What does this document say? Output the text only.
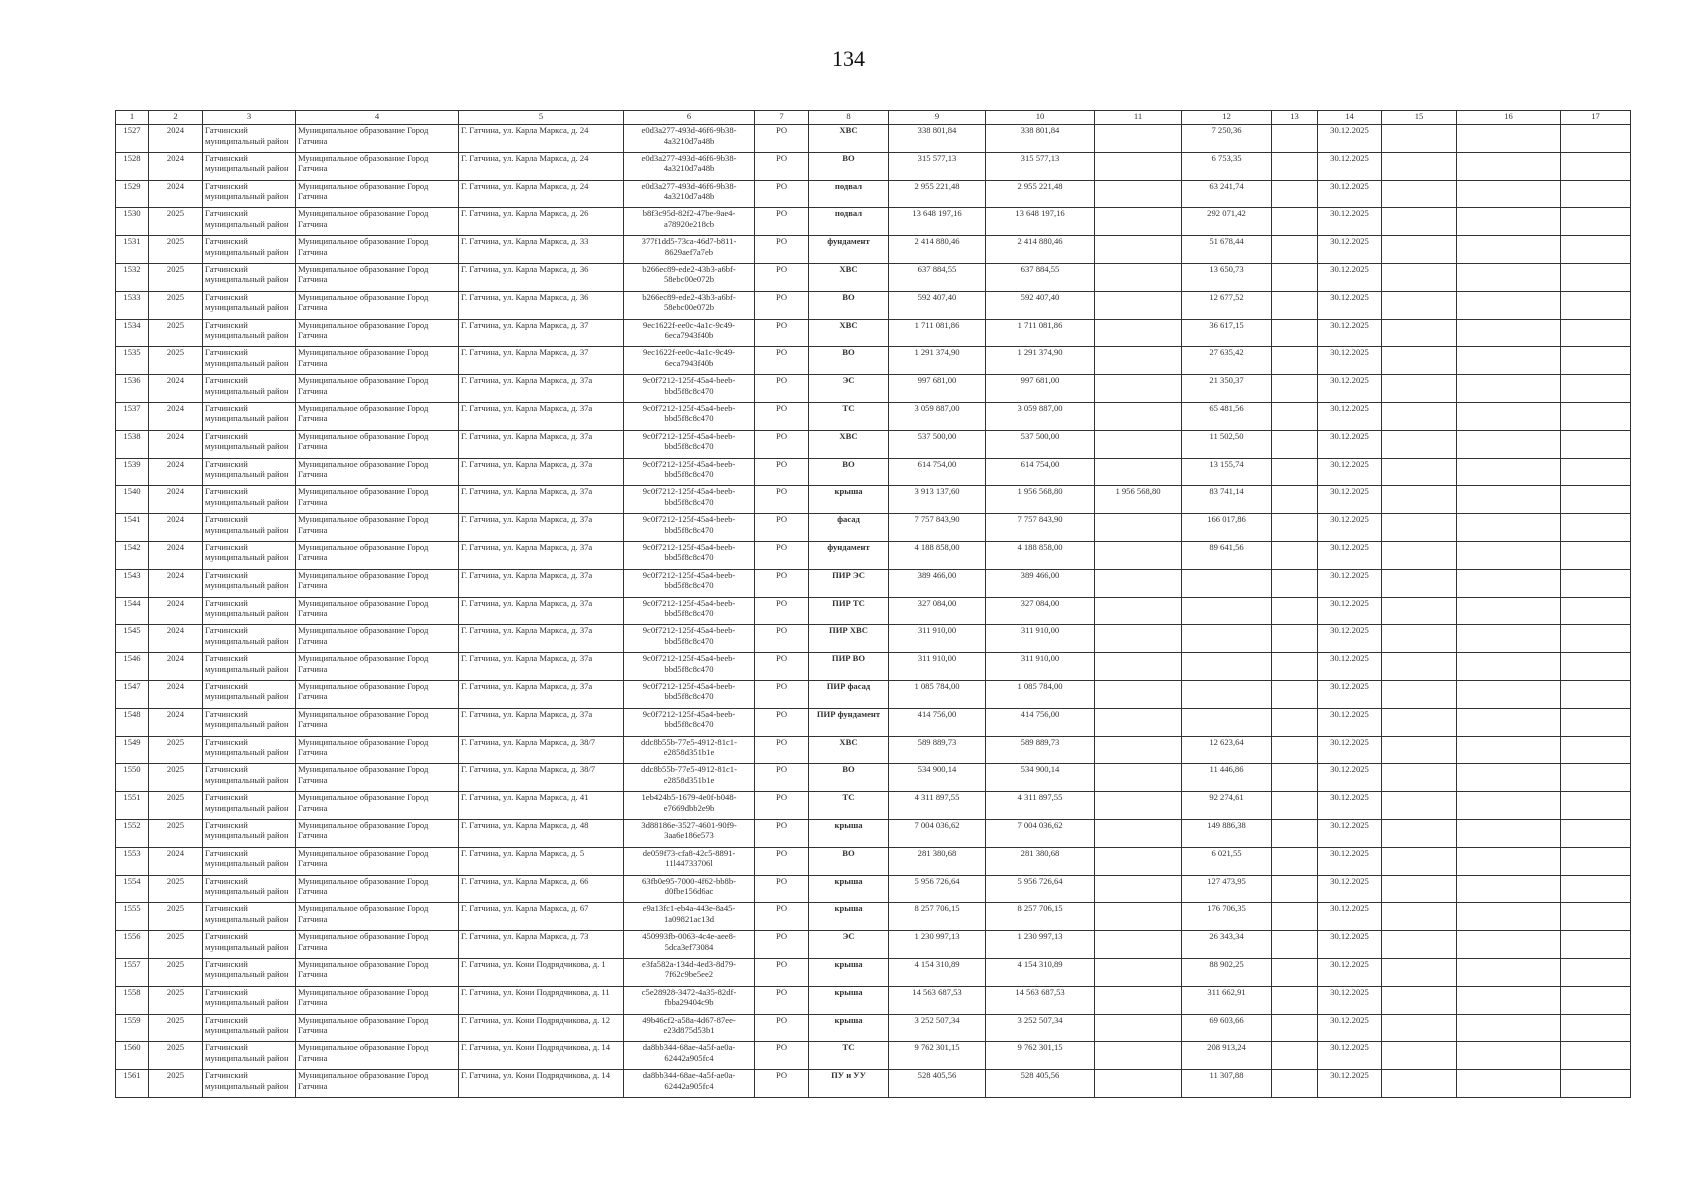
134
1	2	3	4	5	6	7	8	9	10	11	12	13	14	15	16	17
1527	2024	Гатчинский муниципальный район	Муниципальное образование Город Гатчина	Г. Гатчина, ул. Карла Маркса, д. 24	e0d3a277-493d-46f6-9b38-4a3210d7a48b	РО	ХВС	338 801,84	338 801,84		7 250,36		30.12.2025			
1528	2024	Гатчинский муниципальный район	Муниципальное образование Город Гатчина	Г. Гатчина, ул. Карла Маркса, д. 24	e0d3a277-493d-46f6-9b38-4a3210d7a48b	РО	ВО	315 577,13	315 577,13		6 753,35		30.12.2025			
1529	2024	Гатчинский муниципальный район	Муниципальное образование Город Гатчина	Г. Гатчина, ул. Карла Маркса, д. 24	e0d3a277-493d-46f6-9b38-4a3210d7a48b	РО	подвал	2 955 221,48	2 955 221,48		63 241,74		30.12.2025			
1530	2025	Гатчинский муниципальный район	Муниципальное образование Город Гатчина	Г. Гатчина, ул. Карла Маркса, д. 26	b8f3c95d-82f2-47be-9ae4-a78920e218cb	РО	подвал	13 648 197,16	13 648 197,16		292 071,42		30.12.2025			
1531	2025	Гатчинский муниципальный район	Муниципальное образование Город Гатчина	Г. Гатчина, ул. Карла Маркса, д. 33	377f1dd5-73ca-46d7-b811-8629aef7a7eb	РО	фундамент	2 414 880,46	2 414 880,46		51 678,44		30.12.2025			
1532	2025	Гатчинский муниципальный район	Муниципальное образование Город Гатчина	Г. Гатчина, ул. Карла Маркса, д. 36	b266ec89-ede2-43b3-a6bf-58ebc00e072b	РО	ХВС	637 884,55	637 884,55		13 650,73		30.12.2025			
1533	2025	Гатчинский муниципальный район	Муниципальное образование Город Гатчина	Г. Гатчина, ул. Карла Маркса, д. 36	b266ec89-ede2-43b3-a6bf-58ebc00e072b	РО	ВО	592 407,40	592 407,40		12 677,52		30.12.2025			
1534	2025	Гатчинский муниципальный район	Муниципальное образование Город Гатчина	Г. Гатчина, ул. Карла Маркса, д. 37	9ec1622f-ee0c-4a1c-9c49-6eca7943f40b	РО	ХВС	1 711 081,86	1 711 081,86		36 617,15		30.12.2025			
1535	2025	Гатчинский муниципальный район	Муниципальное образование Город Гатчина	Г. Гатчина, ул. Карла Маркса, д. 37	9ec1622f-ee0c-4a1c-9c49-6eca7943f40b	РО	ВО	1 291 374,90	1 291 374,90		27 635,42		30.12.2025			
1536	2024	Гатчинский муниципальный район	Муниципальное образование Город Гатчина	Г. Гатчина, ул. Карла Маркса, д. 37а	9c0f7212-125f-45a4-beeb-bbd5f8c8c470	РО	ЭС	997 681,00	997 681,00		21 350,37		30.12.2025			
1537	2024	Гатчинский муниципальный район	Муниципальное образование Город Гатчина	Г. Гатчина, ул. Карла Маркса, д. 37а	9c0f7212-125f-45a4-beeb-bbd5f8c8c470	РО	ТС	3 059 887,00	3 059 887,00		65 481,56		30.12.2025			
1538	2024	Гатчинский муниципальный район	Муниципальное образование Город Гатчина	Г. Гатчина, ул. Карла Маркса, д. 37а	9c0f7212-125f-45a4-beeb-bbd5f8c8c470	РО	ХВС	537 500,00	537 500,00		11 502,50		30.12.2025			
1539	2024	Гатчинский муниципальный район	Муниципальное образование Город Гатчина	Г. Гатчина, ул. Карла Маркса, д. 37а	9c0f7212-125f-45a4-beeb-bbd5f8c8c470	РО	ВО	614 754,00	614 754,00		13 155,74		30.12.2025			
1540	2024	Гатчинский муниципальный район	Муниципальное образование Город Гатчина	Г. Гатчина, ул. Карла Маркса, д. 37а	9c0f7212-125f-45a4-beeb-bbd5f8c8c470	РО	крыша	3 913 137,60	1 956 568,80	1 956 568,80	83 741,14		30.12.2025			
1541	2024	Гатчинский муниципальный район	Муниципальное образование Город Гатчина	Г. Гатчина, ул. Карла Маркса, д. 37а	9c0f7212-125f-45a4-beeb-bbd5f8c8c470	РО	фасад	7 757 843,90	7 757 843,90		166 017,86		30.12.2025			
1542	2024	Гатчинский муниципальный район	Муниципальное образование Город Гатчина	Г. Гатчина, ул. Карла Маркса, д. 37а	9c0f7212-125f-45a4-beeb-bbd5f8c8c470	РО	фундамент	4 188 858,00	4 188 858,00		89 641,56		30.12.2025			
1543	2024	Гатчинский муниципальный район	Муниципальное образование Город Гатчина	Г. Гатчина, ул. Карла Маркса, д. 37а	9c0f7212-125f-45a4-beeb-bbd5f8c8c470	РО	ПИР ЭС	389 466,00	389 466,00				30.12.2025			
1544	2024	Гатчинский муниципальный район	Муниципальное образование Город Гатчина	Г. Гатчина, ул. Карла Маркса, д. 37а	9c0f7212-125f-45a4-beeb-bbd5f8c8c470	РО	ПИР ТС	327 084,00	327 084,00				30.12.2025			
1545	2024	Гатчинский муниципальный район	Муниципальное образование Город Гатчина	Г. Гатчина, ул. Карла Маркса, д. 37а	9c0f7212-125f-45a4-beeb-bbd5f8c8c470	РО	ПИР ХВС	311 910,00	311 910,00				30.12.2025			
1546	2024	Гатчинский муниципальный район	Муниципальное образование Город Гатчина	Г. Гатчина, ул. Карла Маркса, д. 37а	9c0f7212-125f-45a4-beeb-bbd5f8c8c470	РО	ПИР ВО	311 910,00	311 910,00				30.12.2025			
1547	2024	Гатчинский муниципальный район	Муниципальное образование Город Гатчина	Г. Гатчина, ул. Карла Маркса, д. 37а	9c0f7212-125f-45a4-beeb-bbd5f8c8c470	РО	ПИР фасад	1 085 784,00	1 085 784,00				30.12.2025			
1548	2024	Гатчинский муниципальный район	Муниципальное образование Город Гатчина	Г. Гатчина, ул. Карла Маркса, д. 37а	9c0f7212-125f-45a4-beeb-bbd5f8c8c470	РО	ПИР фундамент	414 756,00	414 756,00				30.12.2025			
1549	2025	Гатчинский муниципальный район	Муниципальное образование Город Гатчина	Г. Гатчина, ул. Карла Маркса, д. 38/7	ddc8b55b-77e5-4912-81c1-e2858d351b1e	РО	ХВС	589 889,73	589 889,73		12 623,64		30.12.2025			
1550	2025	Гатчинский муниципальный район	Муниципальное образование Город Гатчина	Г. Гатчина, ул. Карла Маркса, д. 38/7	ddc8b55b-77e5-4912-81c1-e2858d351b1e	РО	ВО	534 900,14	534 900,14		11 446,86		30.12.2025			
1551	2025	Гатчинский муниципальный район	Муниципальное образование Город Гатчина	Г. Гатчина, ул. Карла Маркса, д. 41	1eb424b5-1679-4e0f-b048-e7669dbb2e9b	РО	ТС	4 311 897,55	4 311 897,55		92 274,61		30.12.2025			
1552	2025	Гатчинский муниципальный район	Муниципальное образование Город Гатчина	Г. Гатчина, ул. Карла Маркса, д. 48	3d88186e-3527-4601-90f9-3aa6e186e573	РО	крыша	7 004 036,62	7 004 036,62		149 886,38		30.12.2025			
1553	2024	Гатчинский муниципальный район	Муниципальное образование Город Гатчина	Г. Гатчина, ул. Карла Маркса, д. 5	de059f73-cfa8-42c5-8891-11l44733706l	РО	ВО	281 380,68	281 380,68		6 021,55		30.12.2025			
1554	2025	Гатчинский муниципальный район	Муниципальное образование Город Гатчина	Г. Гатчина, ул. Карла Маркса, д. 66	63fb0e95-7000-4f62-bb8b-d0fbe156d6ac	РО	крыша	5 956 726,64	5 956 726,64		127 473,95		30.12.2025			
1555	2025	Гатчинский муниципальный район	Муниципальное образование Город Гатчина	Г. Гатчина, ул. Карла Маркса, д. 67	e9a13fc1-eb4a-443e-8a45-1a09821ac13d	РО	крыша	8 257 706,15	8 257 706,15		176 706,35		30.12.2025			
1556	2025	Гатчинский муниципальный район	Муниципальное образование Город Гатчина	Г. Гатчина, ул. Карла Маркса, д. 73	450993fb-0063-4c4e-aee8-5dca3ef73084	РО	ЭС	1 230 997,13	1 230 997,13		26 343,34		30.12.2025			
1557	2025	Гатчинский муниципальный район	Муниципальное образование Город Гатчина	Г. Гатчина, ул. Кони Подрядчикова, д. 1	e3fa582a-134d-4ed3-8d79-7f62c9be5ee2	РО	крыша	4 154 310,89	4 154 310,89		88 902,25		30.12.2025			
1558	2025	Гатчинский муниципальный район	Муниципальное образование Город Гатчина	Г. Гатчина, ул. Кони Подрядчикова, д. 11	c5e28928-3472-4a35-82df-fbba29404c9b	РО	крыша	14 563 687,53	14 563 687,53		311 662,91		30.12.2025			
1559	2025	Гатчинский муниципальный район	Муниципальное образование Город Гатчина	Г. Гатчина, ул. Кони Подрядчикова, д. 12	49b46cf2-a58a-4d67-87ee-e23d875d53b1	РО	крыша	3 252 507,34	3 252 507,34		69 603,66		30.12.2025			
1560	2025	Гатчинский муниципальный район	Муниципальное образование Город Гатчина	Г. Гатчина, ул. Кони Подрядчикова, д. 14	da8bb344-68ae-4a5f-ae0a-62442a905fc4	РО	ТС	9 762 301,15	9 762 301,15		208 913,24		30.12.2025			
1561	2025	Гатчинский муниципальный район	Муниципальное образование Город Гатчина	Г. Гатчина, ул. Кони Подрядчикова, д. 14	da8bb344-68ae-4a5f-ae0a-62442a905fc4	РО	ПУ и УУ	528 405,56	528 405,56		11 307,88		30.12.2025			
